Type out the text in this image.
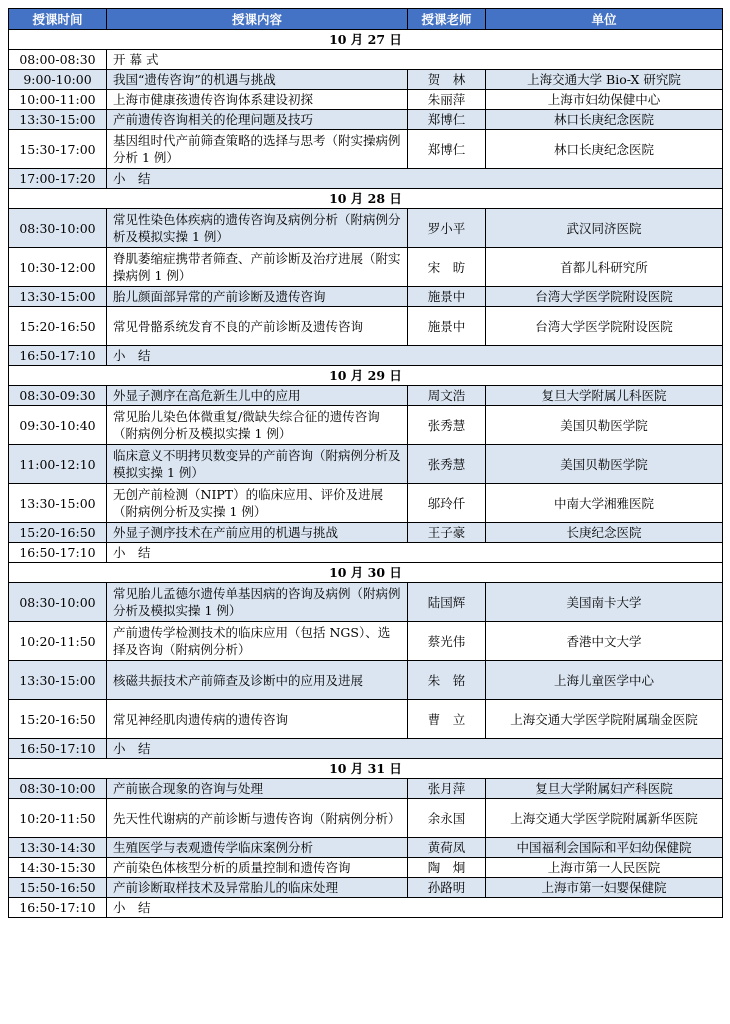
授课时间	授课内容	授课老师	单位
10 月 27 日			
08:00-08:30	开 幕 式		
9:00-10:00	我国“遗传咨询”的机遇与挑战	贺　林	上海交通大学 Bio-X 研究院
10:00-11:00	上海市健康孩遗传咨询体系建设初探	朱丽萍	上海市妇幼保健中心
13:30-15:00	产前遗传咨询相关的伦理问题及技巧	郑博仁	林口长庚纪念医院
15:30-17:00	基因组时代产前筛查策略的选择与思考（附实操病例分析 1 例）	郑博仁	林口长庚纪念医院
17:00-17:20	小　结		
10 月 28 日			
08:30-10:00	常见性染色体疾病的遗传咨询及病例分析（附病例分析及模拟实操 1 例）	罗小平	武汉同济医院
10:30-12:00	脊肌萎缩症携带者筛查、产前诊断及治疗进展（附实操病例 1 例）	宋　昉	首都儿科研究所
13:30-15:00	胎儿颜面部异常的产前诊断及遗传咨询	施景中	台湾大学医学院附设医院
15:20-16:50	常见骨骼系统发育不良的产前诊断及遗传咨询	施景中	台湾大学医学院附设医院
16:50-17:10	小　结		
10 月 29 日			
08:30-09:30	外显子测序在高危新生儿中的应用	周文浩	复旦大学附属儿科医院
09:30-10:40	常见胎儿染色体微重复/微缺失综合征的遗传咨询（附病例分析及模拟实操 1 例）	张秀慧	美国贝勒医学院
11:00-12:10	临床意义不明拷贝数变异的产前咨询（附病例分析及模拟实操 1 例）	张秀慧	美国贝勒医学院
13:30-15:00	无创产前检测（NIPT）的临床应用、评价及进展（附病例分析及实操 1 例）	邬玲仟	中南大学湘雅医院
15:20-16:50	外显子测序技术在产前应用的机遇与挑战	王子豪	长庚纪念医院
16:50-17:10	小　结		
10 月 30 日			
08:30-10:00	常见胎儿孟德尔遗传单基因病的咨询及病例（附病例分析及模拟实操 1 例）	陆国辉	美国南卡大学
10:20-11:50	产前遗传学检测技术的临床应用（包括 NGS）、选择及咨询（附病例分析）	蔡光伟	香港中文大学
13:30-15:00	核磁共振技术产前筛查及诊断中的应用及进展	朱　铭	上海儿童医学中心
15:20-16:50	常见神经肌肉遗传病的遗传咨询	曹　立	上海交通大学医学院附属瑞金医院
16:50-17:10	小　结		
10 月 31 日			
08:30-10:00	产前嵌合现象的咨询与处理	张月萍	复旦大学附属妇产科医院
10:20-11:50	先天性代谢病的产前诊断与遗传咨询（附病例分析）	余永国	上海交通大学医学院附属新华医院
13:30-14:30	生殖医学与表观遗传学临床案例分析	黄荷凤	中国福利会国际和平妇幼保健院
14:30-15:30	产前染色体核型分析的质量控制和遗传咨询	陶　炯	上海市第一人民医院
15:50-16:50	产前诊断取样技术及异常胎儿的临床处理	孙路明	上海市第一妇婴保健院
16:50-17:10	小　结		
